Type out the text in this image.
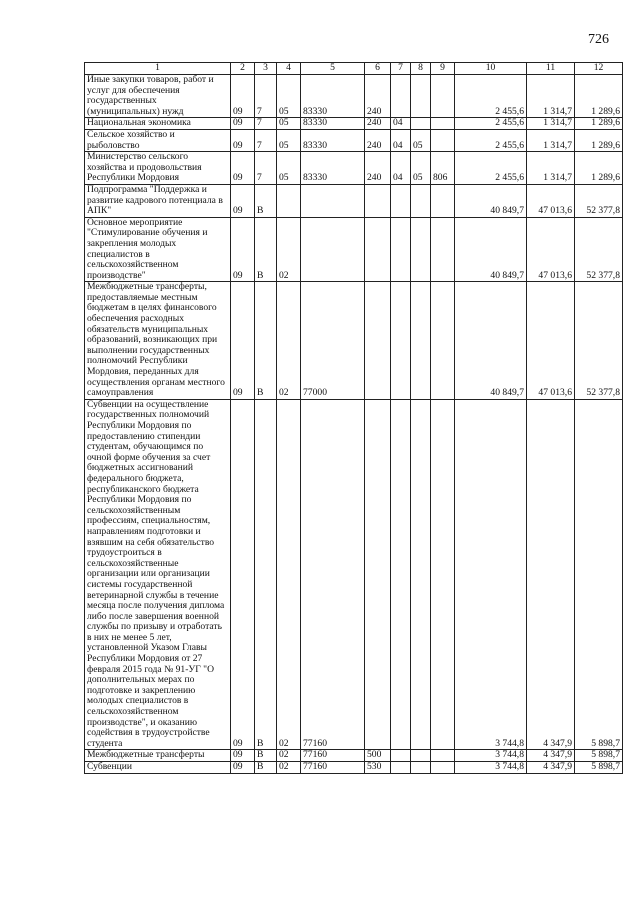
726
1	2	3	4	5	6	7	8	9	10	11	12
Иные закупки товаров, работ и услуг для обеспечения государственных (муниципальных) нужд	09	7	05	83330	240				2 455,6	1 314,7	1 289,6
Национальная экономика	09	7	05	83330	240	04			2 455,6	1 314,7	1 289,6
Сельское хозяйство и рыболовство	09	7	05	83330	240	04	05		2 455,6	1 314,7	1 289,6
Министерство сельского хозяйства и продовольствия Республики Мордовия	09	7	05	83330	240	04	05	806	2 455,6	1 314,7	1 289,6
Подпрограмма "Поддержка и развитие кадрового потенциала в АПК"	09	В							40 849,7	47 013,6	52 377,8
Основное мероприятие "Стимулирование обучения и закрепления молодых специалистов в сельскохозяйственном производстве"	09	В	02						40 849,7	47 013,6	52 377,8
Межбюджетные трансферты, предоставляемые местным бюджетам в целях финансового обеспечения расходных обязательств муниципальных образований, возникающих при выполнении государственных полномочий Республики Мордовия, переданных для осуществления органам местного самоуправления	09	В	02	77000					40 849,7	47 013,6	52 377,8
Субвенции на осуществление государственных полномочий Республики Мордовия по предоставлению стипендии студентам, обучающимся по очной форме обучения за счет бюджетных ассигнований федерального бюджета, республиканского бюджета Республики Мордовия по сельскохозяйственным профессиям, специальностям, направлениям подготовки и взявшим на себя обязательство трудоустроиться в сельскохозяйственные организации или организации системы государственной ветеринарной службы в течение месяца после получения диплома либо после завершения военной службы по призыву и отработать в них не менее 5 лет, установленной Указом Главы Республики Мордовия от 27 февраля 2015 года № 91-УГ "О дополнительных мерах по подготовке и закреплению молодых специалистов в сельскохозяйственном производстве", и оказанию содействия в трудоустройстве студента	09	В	02	77160					3 744,8	4 347,9	5 898,7
Межбюджетные трансферты	09	В	02	77160	500				3 744,8	4 347,9	5 898,7
Субвенции	09	В	02	77160	530				3 744,8	4 347,9	5 898,7
